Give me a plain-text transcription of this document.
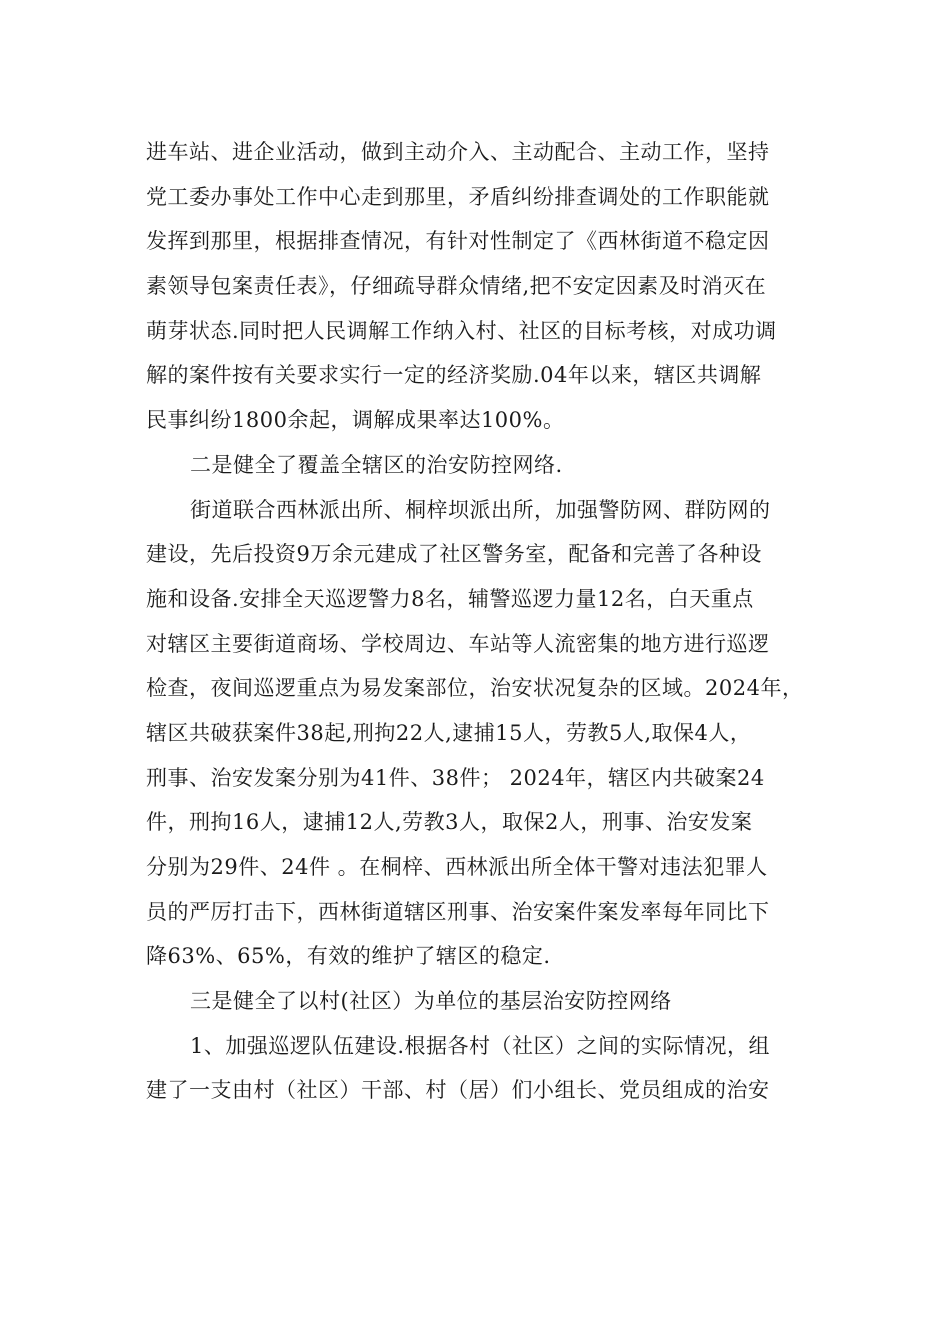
进车站、进企业活动，做到主动介入、主动配合、主动工作，坚持
党工委办事处工作中心走到那里，矛盾纠纷排查调处的工作职能就
发挥到那里，根据排查情况，有针对性制定了《西林街道不稳定因
素领导包案责任表》，仔细疏导群众情绪,把不安定因素及时消灭在
萌芽状态.同时把人民调解工作纳入村、社区的目标考核，对成功调
解的案件按有关要求实行一定的经济奖励.04年以来，辖区共调解
民事纠纷1800余起，调解成果率达100%。
二是健全了覆盖全辖区的治安防控网络.
街道联合西林派出所、桐梓坝派出所，加强警防网、群防网的
建设，先后投资9万余元建成了社区警务室，配备和完善了各种设
施和设备.安排全天巡逻警力8名，辅警巡逻力量12名，白天重点
对辖区主要街道商场、学校周边、车站等人流密集的地方进行巡逻
检查，夜间巡逻重点为易发案部位，治安状况复杂的区域。2024年，
辖区共破获案件38起,刑拘22人,逮捕15人，劳教5人,取保4人，
刑事、治安发案分别为41件、38件； 2024年，辖区内共破案24
件，刑拘16人，逮捕12人,劳教3人，取保2人，刑事、治安发案
分别为29件、24件 。在桐梓、西林派出所全体干警对违法犯罪人
员的严厉打击下，西林街道辖区刑事、治安案件案发率每年同比下
降63%、65%，有效的维护了辖区的稳定.
三是健全了以村(社区）为单位的基层治安防控网络
1、加强巡逻队伍建设.根据各村（社区）之间的实际情况，组
建了一支由村（社区）干部、村（居）们小组长、党员组成的治安
